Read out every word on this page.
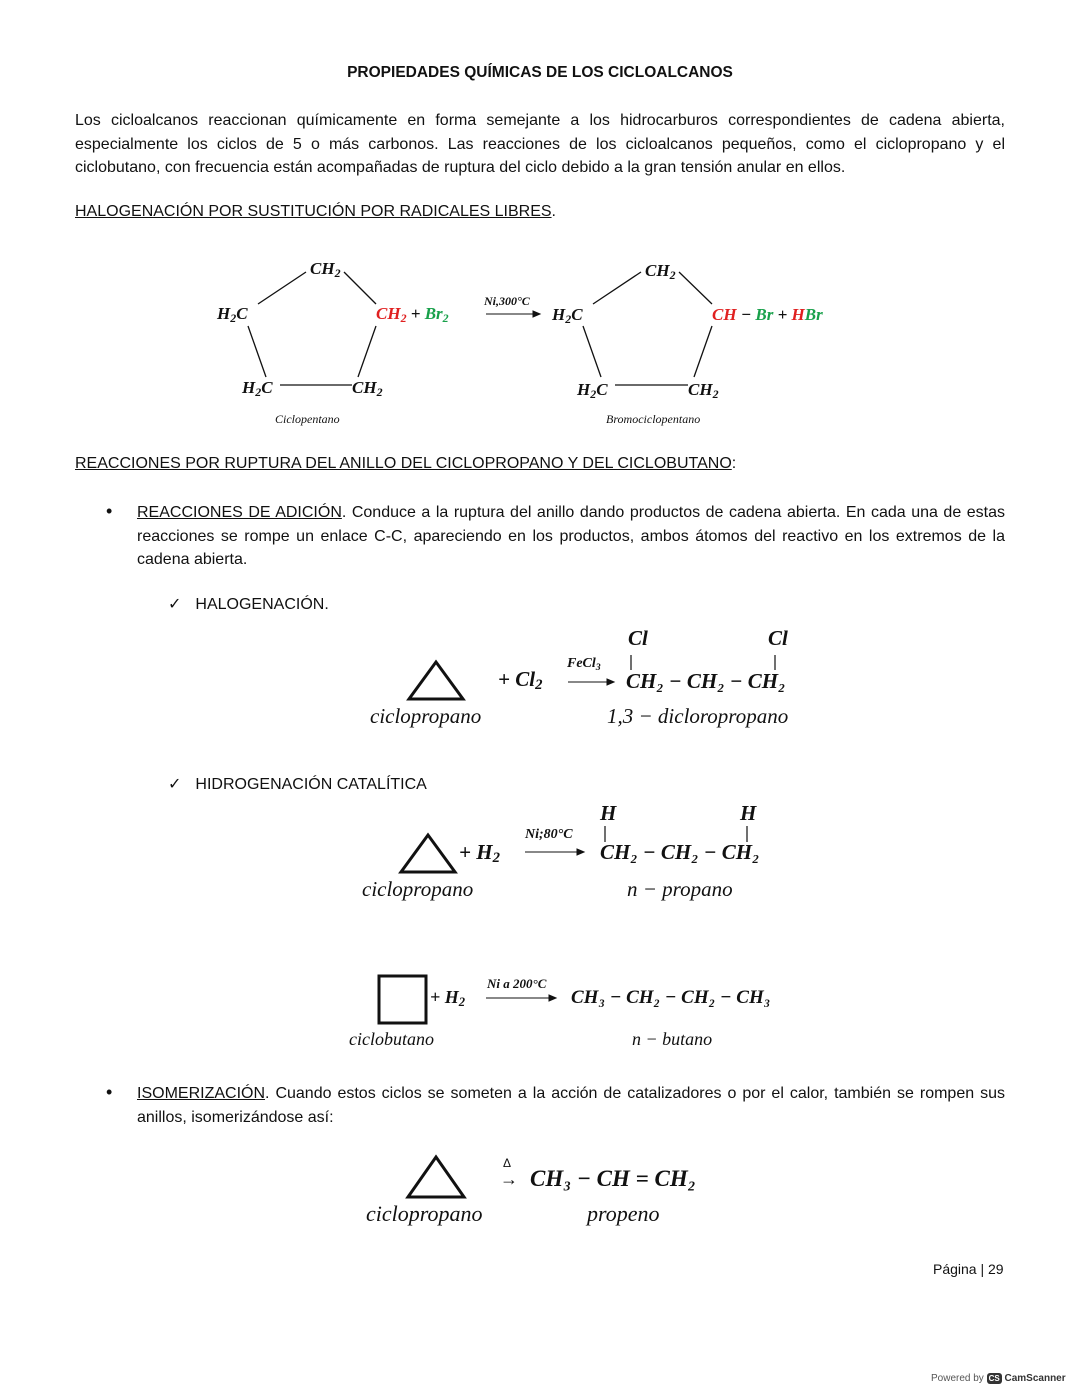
PROPIEDADES QUÍMICAS DE LOS CICLOALCANOS
Los cicloalcanos reaccionan químicamente en forma semejante a los hidrocarburos correspondientes de cadena abierta, especialmente los ciclos de 5 o más carbonos. Las reacciones de los cicloalcanos pequeños, como el ciclopropano y el ciclobutano, con frecuencia están acompañadas de ruptura del ciclo debido a la gran tensión anular en ellos.
HALOGENACIÓN POR SUSTITUCIÓN POR RADICALES LIBRES.
$CH_2$
$H_2C$	$CH_2 + Br_2$
$H_2C$	$CH_2$
Ciclopentano
Ni,300°C
$CH_2$
$H_2C$	CH − Br + HBr
$H_2C$	$CH_2$
Bromociclopentano
REACCIONES POR RUPTURA DEL ANILLO DEL CICLOPROPANO Y DEL CICLOBUTANO:
• REACCIONES DE ADICIÓN. Conduce a la ruptura del anillo dando productos de cadena abierta. En cada una de estas reacciones se rompe un enlace C-C, apareciendo en los productos, ambos átomos del reactivo en los extremos de la cadena abierta.
✓ HALOGENACIÓN.
+ $Cl_2$
FeCl$_3$
Cl	Cl
CH₂ − CH₂ − CH₂
ciclopropano	1,3 − dicloropropano
✓ HIDROGENACIÓN CATALÍTICA
+ $H_2$
Ni;80°C
H	H
CH₂ − CH₂ − CH₂
ciclopropano	n − propano
+ $H_2$
Ni a 200°C
CH₃ − CH₂ − CH₂ − CH₃
ciclobutano	n − butano
• ISOMERIZACIÓN. Cuando estos ciclos se someten a la acción de catalizadores o por el calor, también se rompen sus anillos, isomerizándose así:
Δ
→ CH₃ − CH = CH₂
ciclopropano	propeno
Página | 29
Powered by CS CamScanner
